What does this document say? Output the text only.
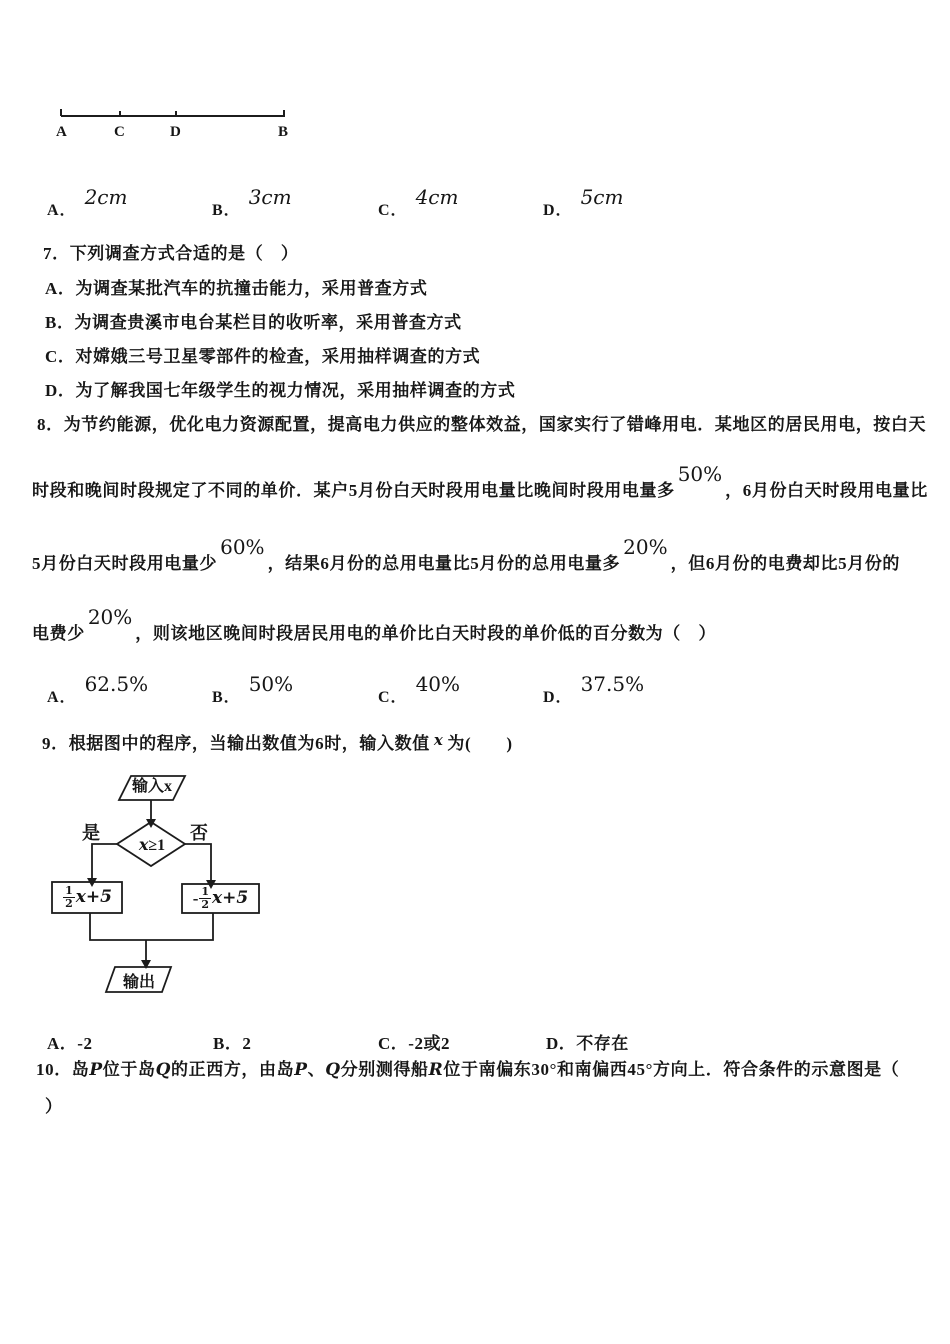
A	C	D	B
A．2cm
B．3cm
C．4cm
D．5cm
7．下列调查方式合适的是（　）
A．为调查某批汽车的抗撞击能力，采用普查方式
B．为调查贵溪市电台某栏目的收听率，采用普查方式
C．对嫦娥三号卫星零部件的检查，采用抽样调查的方式
D．为了解我国七年级学生的视力情况，采用抽样调查的方式
8．为节约能源，优化电力资源配置，提高电力供应的整体效益，国家实行了错峰用电．某地区的居民用电，按白天
时段和晚间时段规定了不同的单价．某户5月份白天时段用电量比晚间时段用电量多50%，6月份白天时段用电量比
5月份白天时段用电量少60%，结果6月份的总用电量比5月份的总用电量多20%，但6月份的电费却比5月份的
电费少20%，则该地区晚间时段居民用电的单价比白天时段的单价低的百分数为（　）
A．62.5%
B．50%
C．40%
D．37.5%
9．根据图中的程序，当输出数值为6时，输入数值 x 为(　　)
输入x
x≥1
是	否
$\frac{1}{2} x+5$	- $\frac{1}{2} x+5$
输出
A．-2	B．2	C．-2或2	D．不存在
10．岛P位于岛Q的正西方，由岛P、Q分别测得船R位于南偏东30°和南偏西45°方向上．符合条件的示意图是（
）
